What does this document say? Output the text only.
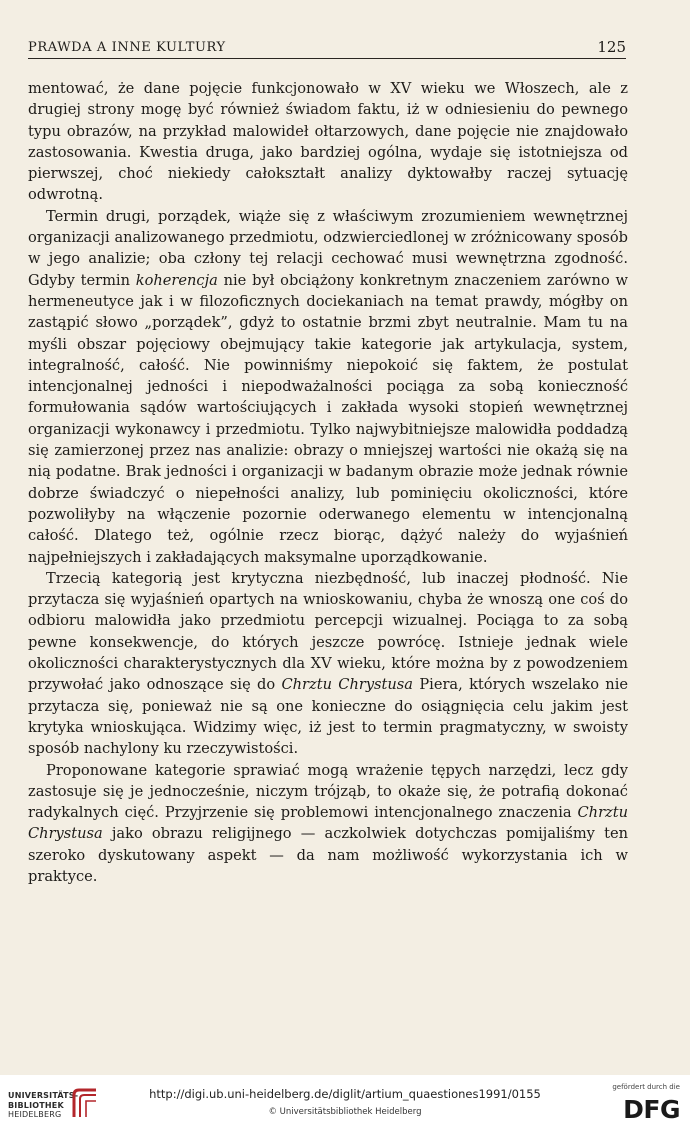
PRAWDA A INNE KULTURY	125

mentować, że dane pojęcie funkcjonowało w XV wieku we Włoszech, ale z drugiej strony mogę być również świadom faktu, iż w odniesieniu do pewnego typu obrazów, na przykład malowideł ołtarzowych, dane pojęcie nie znajdowało zastosowania. Kwestia druga, jako bardziej ogólna, wydaje się istotniejsza od pierwszej, choć niekiedy całokształt analizy dyktowałby raczej sytuację odwrotną.

Termin drugi, porządek, wiąże się z właściwym zrozumieniem wewnętrznej organizacji analizowanego przedmiotu, odzwierciedlonej w zróżnicowany sposób w jego analizie; oba człony tej relacji cechować musi wewnętrzna zgodność. Gdyby termin koherencja nie był obciążony konkretnym znaczeniem zarówno w hermeneutyce jak i w filozoficznych dociekaniach na temat prawdy, mógłby on zastąpić słowo „porządek”, gdyż to ostatnie brzmi zbyt neutralnie. Mam tu na myśli obszar pojęciowy obejmujący takie kategorie jak artykulacja, system, integralność, całość. Nie powinniśmy niepokoić się faktem, że postulat intencjonalnej jedności i niepodważalności pociąga za sobą konieczność formułowania sądów wartościujących i zakłada wysoki stopień wewnętrznej organizacji wykonawcy i przedmiotu. Tylko najwybitniejsze malowidła poddadzą się zamierzonej przez nas analizie: obrazy o mniejszej wartości nie okażą się na nią podatne. Brak jedności i organizacji w badanym obrazie może jednak równie dobrze świadczyć o niepełności analizy, lub pominięciu okoliczności, które pozwoliłyby na włączenie pozornie oderwanego elementu w intencjonalną całość. Dlatego też, ogólnie rzecz biorąc, dążyć należy do wyjaśnień najpełniejszych i zakładających maksymalne uporządkowanie.

Trzecią kategorią jest krytyczna niezbędność, lub inaczej płodność. Nie przytacza się wyjaśnień opartych na wnioskowaniu, chyba że wnoszą one coś do odbioru malowidła jako przedmiotu percepcji wizualnej. Pociąga to za sobą pewne konsekwencje, do których jeszcze powrócę. Istnieje jednak wiele okoliczności charakterystycznych dla XV wieku, które można by z powodzeniem przywołać jako odnoszące się do Chrztu Chrystusa Piera, których wszelako nie przytacza się, ponieważ nie są one konieczne do osiągnięcia celu jakim jest krytyka wnioskująca. Widzimy więc, iż jest to termin pragmatyczny, w swoisty sposób nachylony ku rzeczywistości.

Proponowane kategorie sprawiać mogą wrażenie tępych narzędzi, lecz gdy zastosuje się je jednocześnie, niczym trójząb, to okaże się, że potrafią dokonać radykalnych cięć. Przyjrzenie się problemowi intencjonalnego znaczenia Chrztu Chrystusa jako obrazu religijnego — aczkolwiek dotychczas pomijaliśmy ten szeroko dyskutowany aspekt — da nam możliwość wykorzystania ich w praktyce.

UNIVERSITÄTS-
BIBLIOTHEK
HEIDELBERG
http://digi.ub.uni-heidelberg.de/diglit/artium_quaestiones1991/0155
© Universitätsbibliothek Heidelberg
gefördert durch die
DFG
